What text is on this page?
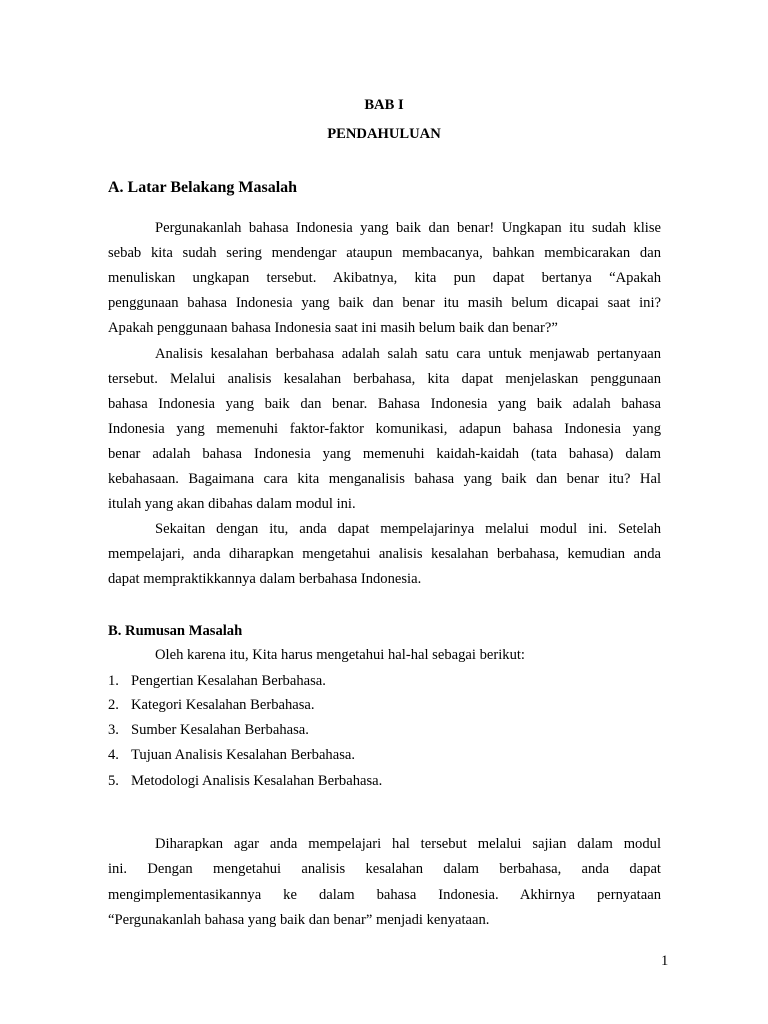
BAB I
PENDAHULUAN
A. Latar Belakang Masalah
Pergunakanlah bahasa Indonesia yang baik dan benar! Ungkapan itu sudah klise
sebab kita sudah sering mendengar ataupun membacanya, bahkan membicarakan dan
menuliskan ungkapan tersebut. Akibatnya, kita pun dapat bertanya “Apakah
penggunaan bahasa Indonesia yang baik dan benar itu masih belum dicapai saat ini?
Apakah penggunaan bahasa Indonesia saat ini masih belum baik dan benar?”
Analisis kesalahan berbahasa adalah salah satu cara untuk menjawab pertanyaan
tersebut. Melalui analisis kesalahan berbahasa, kita dapat menjelaskan penggunaan
bahasa Indonesia yang baik dan benar. Bahasa Indonesia yang baik adalah bahasa
Indonesia yang memenuhi faktor-faktor komunikasi, adapun bahasa Indonesia yang
benar adalah bahasa Indonesia yang memenuhi kaidah-kaidah (tata bahasa) dalam
kebahasaan. Bagaimana cara kita menganalisis bahasa yang baik dan benar itu? Hal
itulah yang akan dibahas dalam modul ini.
Sekaitan dengan itu, anda dapat mempelajarinya melalui modul ini. Setelah
mempelajari, anda diharapkan mengetahui analisis kesalahan berbahasa, kemudian anda
dapat mempraktikkannya dalam berbahasa Indonesia.
B. Rumusan Masalah
Oleh karena itu, Kita harus mengetahui hal-hal sebagai berikut:
1. Pengertian Kesalahan Berbahasa.
2. Kategori Kesalahan Berbahasa.
3. Sumber Kesalahan Berbahasa.
4. Tujuan Analisis Kesalahan Berbahasa.
5. Metodologi Analisis Kesalahan Berbahasa.
Diharapkan agar anda mempelajari hal tersebut melalui sajian dalam modul
ini. Dengan mengetahui analisis kesalahan dalam berbahasa, anda dapat
mengimplementasikannya ke dalam bahasa Indonesia. Akhirnya pernyataan
“Pergunakanlah bahasa yang baik dan benar” menjadi kenyataan.
1
